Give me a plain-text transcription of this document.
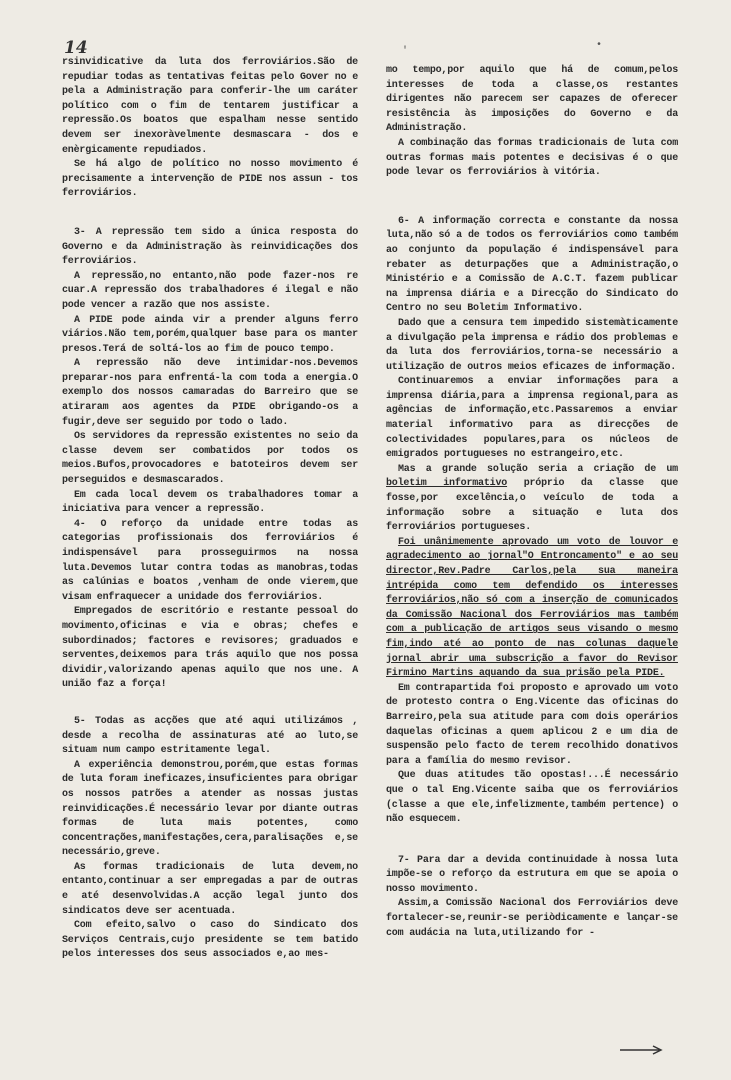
14	'
•

rsinvidicative da luta dos ferroviários.São de repudiar todas as tentativas feitas pelo Gover no e pela a Administração para conferir-lhe um caráter político com o fim de tentarem justificar a repressão.Os boatos que espalham nesse sentido devem ser inexoràvelmente desmascara - dos e enèrgicamente repudiados.

Se há algo de político no nosso movimento é precisamente a intervenção de PIDE nos assun - tos ferroviários.

3- A repressão tem sido a única resposta do Governo e da Administração às reinvidicações dos ferroviários.

A repressão,no entanto,não pode fazer-nos re cuar.A repressão dos trabalhadores é ilegal e não pode vencer a razão que nos assiste.

A PIDE pode ainda vir a prender alguns ferro viários.Não tem,porém,qualquer base para os manter presos.Terá de soltá-los ao fim de pouco tempo.

A repressão não deve intimidar-nos.Devemos preparar-nos para enfrentá-la com toda a energia.O exemplo dos nossos camaradas do Barreiro que se atiraram aos agentes da PIDE obrigando-os a fugir,deve ser seguido por todo o lado.

Os servidores da repressão existentes no seio da classe devem ser combatidos por todos os meios.Bufos,provocadores e batoteiros devem ser perseguidos e desmascarados.

Em cada local devem os trabalhadores tomar a iniciativa para vencer a repressão.

4- O reforço da unidade entre todas as categorias profissionais dos ferroviários é indispensável para prosseguirmos na nossa luta.Devemos lutar contra todas as manobras,todas as calúnias e boatos ,venham de onde vierem,que visam enfraquecer a unidade dos ferroviários.

Empregados de escritório e restante pessoal do movimento,oficinas e via e obras; chefes e subordinados; factores e revisores; graduados e serventes,deixemos para trás aquilo que nos possa dividir,valorizando apenas aquilo que nos une. A união faz a força!

5- Todas as acções que até aqui utilizámos , desde a recolha de assinaturas até ao luto,se situam num campo estritamente legal.

A experiência demonstrou,porém,que estas formas de luta foram ineficazes,insuficientes para obrigar os nossos patrões a atender as nossas justas reinvidicações.É necessário levar por diante outras formas de luta mais potentes, como concentrações,manifestações,cera,paralisações e,se necessário,greve.

As formas tradicionais de luta devem,no entanto,continuar a ser empregadas a par de outras e até desenvolvidas.A acção legal junto dos sindicatos deve ser acentuada.

Com efeito,salvo o caso do Sindicato dos Serviços Centrais,cujo presidente se tem batido pelos interesses dos seus associados e,ao mes-

mo tempo,por aquilo que há de comum,pelos interesses de toda a classe,os restantes dirigentes não parecem ser capazes de oferecer resistência às imposições do Governo e da Administração.

A combinação das formas tradicionais de luta com outras formas mais potentes e decisivas é o que pode levar os ferroviários à vitória.

6- A informação correcta e constante da nossa luta,não só a de todos os ferroviários como também ao conjunto da população é indispensável para rebater as deturpações que a Administração,o Ministério e a Comissão de A.C.T. fazem publicar na imprensa diária e a Direcção do Sindicato do Centro no seu Boletim Informativo.

Dado que a censura tem impedido sistemàticamente a divulgação pela imprensa e rádio dos problemas e da luta dos ferroviários,torna-se necessário a utilização de outros meios eficazes de informação.

Continuaremos a enviar informações para a imprensa diária,para a imprensa regional,para as agências de informação,etc.Passaremos a enviar material informativo para as direcções de colectividades populares,para os núcleos de emigrados portugueses no estrangeiro,etc.

Mas a grande solução seria a criação de um boletim informativo próprio da classe que fosse,por excelência,o veículo de toda a informação sobre a situação e luta dos ferroviários portugueses.

Foi unânimemente aprovado um voto de louvor e agradecimento ao jornal"O Entroncamento" e ao seu director,Rev.Padre Carlos,pela sua maneira intrépida como tem defendido os interesses ferroviários,não só com a inserção de comunicados da Comissão Nacional dos Ferroviários mas também com a publicação de artigos seus visando o mesmo fim,indo até ao ponto de nas colunas daquele jornal abrir uma subscrição a favor do Revisor Firmino Martins aquando da sua prisão pela PIDE.

Em contrapartida foi proposto e aprovado um voto de protesto contra o Eng.Vicente das oficinas do Barreiro,pela sua atitude para com dois operários daquelas oficinas a quem aplicou 2 e um dia de suspensão pelo facto de terem recolhido donativos para a família do mesmo revisor.

Que duas atitudes tão opostas!...É necessário que o tal Eng.Vicente saiba que os ferroviários (classe a que ele,infelizmente,também pertence) o não esquecem.

7- Para dar a devida continuidade à nossa luta impõe-se o reforço da estrutura em que se apoia o nosso movimento.

Assim,a Comissão Nacional dos Ferroviários deve fortalecer-se,reunir-se periòdicamente e lançar-se com audácia na luta,utilizando for -
